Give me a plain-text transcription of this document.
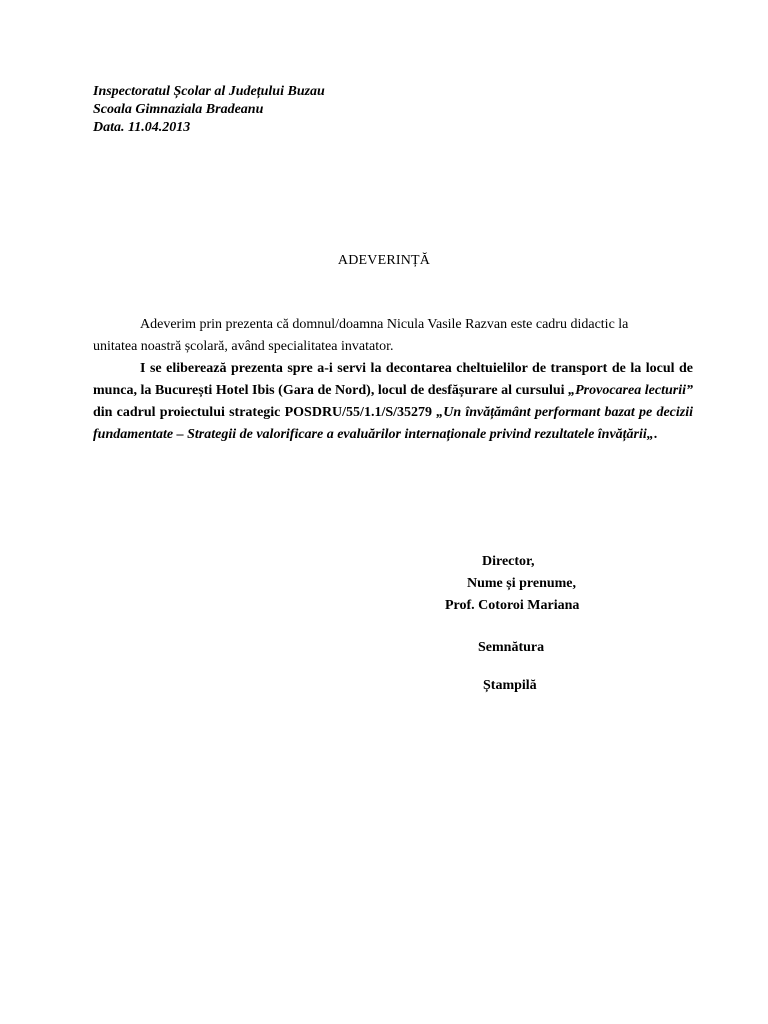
Inspectoratul Școlar al Județului Buzau
Scoala Gimnaziala Bradeanu
Data. 11.04.2013
ADEVERINȚĂ

Adeverim prin prezenta că domnul/doamna Nicula Vasile Razvan este cadru didactic la unitatea noastră școlară, având specialitatea invatator.

I se eliberează prezenta spre a-i servi la decontarea cheltuielilor de transport de la locul de munca, la București Hotel Ibis (Gara de Nord), locul de desfășurare al cursului „Provocarea lecturii” din cadrul proiectului strategic POSDRU/55/1.1/S/35279 „Un învățământ performant bazat pe decizii fundamentate – Strategii de valorificare a evaluărilor internaționale privind rezultatele învățării„.

Director,
Nume și prenume,
Prof. Cotoroi Mariana
Semnătura
Ștampilă
